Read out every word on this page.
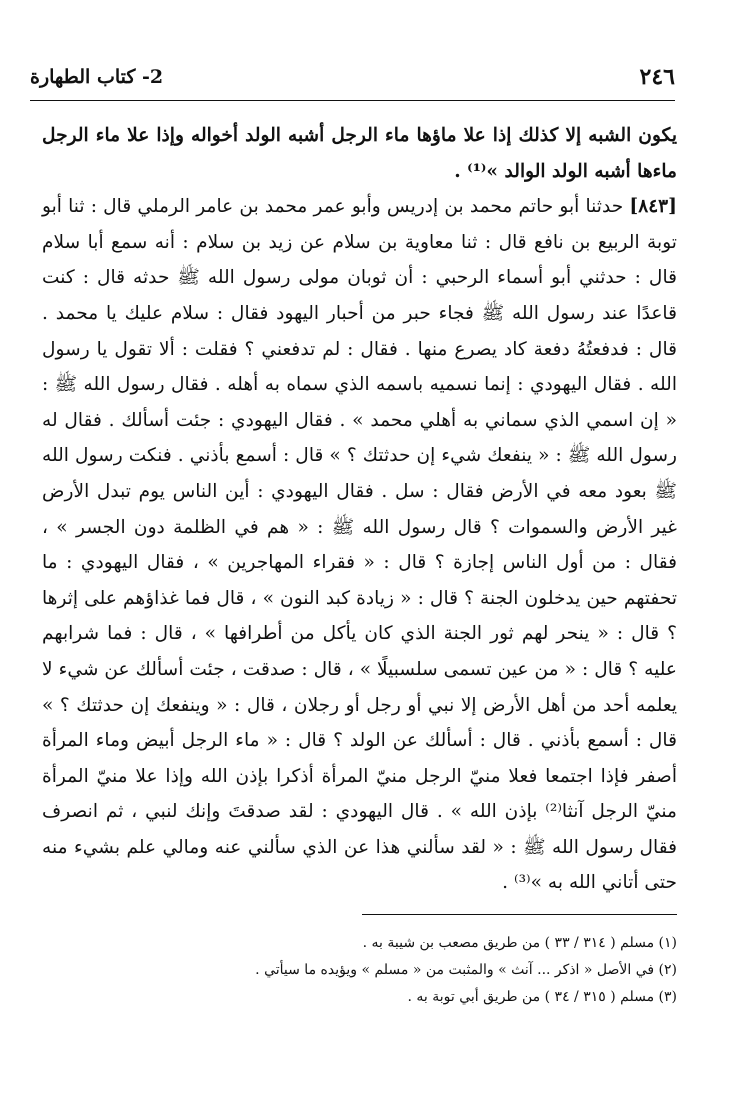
٢٤٦
2- كتاب الطهارة

يكون الشبه إلا كذلك إذا علا ماؤها ماء الرجل أشبه الولد أخواله وإذا علا ماء الرجل ماءها أشبه الولد الوالد »⁽¹⁾ .

[٨٤٣] حدثنا أبو حاتم محمد بن إدريس وأبو عمر محمد بن عامر الرملي قال : ثنا أبو توبة الربيع بن نافع قال : ثنا معاوية بن سلام عن زيد بن سلام : أنه سمع أبا سلام قال : حدثني أبو أسماء الرحبي : أن ثوبان مولى رسول الله ﷺ حدثه قال : كنت قاعدًا عند رسول الله ﷺ فجاء حبر من أحبار اليهود فقال : سلام عليك يا محمد . قال : فدفعتُهُ دفعة كاد يصرع منها . فقال : لم تدفعني ؟ فقلت : ألا تقول يا رسول الله . فقال اليهودي : إنما نسميه باسمه الذي سماه به أهله . فقال رسول الله ﷺ : « إن اسمي الذي سماني به أهلي محمد » . فقال اليهودي : جئت أسألك . فقال له رسول الله ﷺ : « ينفعك شيء إن حدثتك ؟ » قال : أسمع بأذني . فنكت رسول الله ﷺ بعود معه في الأرض فقال : سل . فقال اليهودي : أين الناس يوم تبدل الأرض غير الأرض والسموات ؟ قال رسول الله ﷺ : « هم في الظلمة دون الجسر » ، فقال : من أول الناس إجازة ؟ قال : « فقراء المهاجرين » ، فقال اليهودي : ما تحفتهم حين يدخلون الجنة ؟ قال : « زيادة كبد النون » ، قال فما غذاؤهم على إثرها ؟ قال : « ينحر لهم ثور الجنة الذي كان يأكل من أطرافها » ، قال : فما شرابهم عليه ؟ قال : « من عين تسمى سلسبيلًا » ، قال : صدقت ، جئت أسألك عن شيء لا يعلمه أحد من أهل الأرض إلا نبي أو رجل أو رجلان ، قال : « وينفعك إن حدثتك ؟ » قال : أسمع بأذني . قال : أسألك عن الولد ؟ قال : « ماء الرجل أبيض وماء المرأة أصفر فإذا اجتمعا فعلا منيّ الرجل منيّ المرأة أذكرا بإذن الله وإذا علا منيّ المرأة منيّ الرجل آنثا⁽²⁾ بإذن الله » . قال اليهودي : لقد صدقتَ وإنك لنبي ، ثم انصرف فقال رسول الله ﷺ : « لقد سألني هذا عن الذي سألني عنه ومالي علم بشيء منه حتى أتاني الله به »⁽³⁾ .

(١) مسلم ( ٣١٤ / ٣٣ ) من طريق مصعب بن شيبة به .
(٢) في الأصل « اذكر ... آنث » والمثبت من « مسلم » ويؤيده ما سيأتي .
(٣) مسلم ( ٣١٥ / ٣٤ ) من طريق أبي توبة به .
